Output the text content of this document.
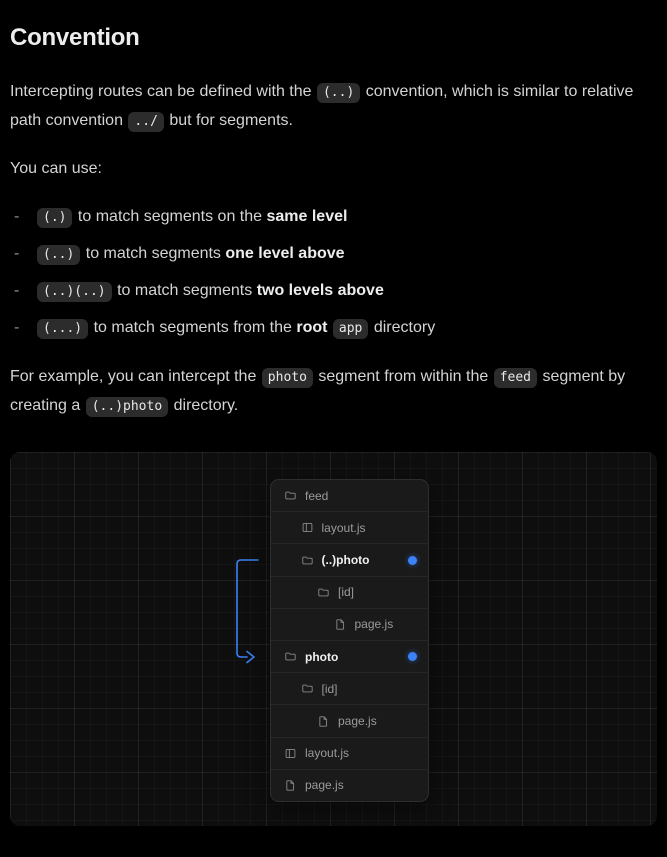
Convention

Intercepting routes can be defined with the (..) convention, which is similar to relative path convention ../ but for segments.

You can use:

- (.) to match segments on the same level
- (..) to match segments one level above
- (..)(..) to match segments two levels above
- (...) to match segments from the root app directory

For example, you can intercept the photo segment from within the feed segment by creating a (..)photo directory.

feed
layout.js
(..)photo
[id]
page.js
photo
[id]
page.js
layout.js
page.js
